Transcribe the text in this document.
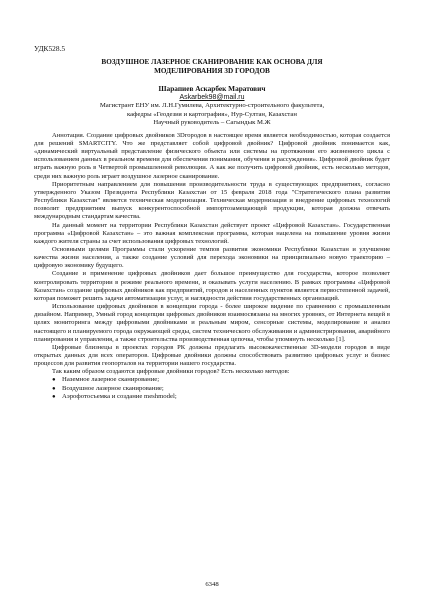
УДК528.5

ВОЗДУШНОЕ ЛАЗЕРНОЕ СКАНИРОВАНИЕ КАК ОСНОВА ДЛЯ
МОДЕЛИРОВАНИЯ 3D ГОРОДОВ

Шарапиев Аскарбек Маратович

Askarbek98@mail.ru

Магистрант ЕНУ им. Л.Н.Гумилева, Архитектурно-строительного факультета,

кафедры «Геодезия и картография», Нур-Султан, Казахстан

Научный руководитель – Сагындык М.Ж

Аннотация. Создание цифровых двойников 3Dгородов в настоящее время является необходимостью, которая создается для решений SMARTCITY. Что же представляет собой цифровой двойник? Цифровой двойник понимается как, «динамический виртуальный представление физического объекта или системы на протяжении его жизненного цикла с использованием данных в реальном времени для обеспечения понимания, обучения и рассуждения». Цифровой двойник будет играть важную роль в Четвертой промышленной революции. А как же получить цифровой двойник, есть несколько методов, среди них важную роль играет воздушное лазерное сканирование.

Приоритетным направлением для повышения производительности труда в существующих предприятиях, согласно утвержденного Указом Президента Республики Казахстан от 15 февраля 2018 года "Стратегического плана развития Республики Казахстан" является техническая модернизация. Техническая модернизация и внедрение цифровых технологий позволит предприятиям выпуск конкурентоспособной импортозамещающей продукции, которая должна отвечать международным стандартам качества.

На данный момент на территории Республики Казахстан действует проект «Цифровой Казахстан». Государственная программа «Цифровой Казахстан» – это важная комплексная программа, которая нацелена на повышение уровня жизни каждого жителя страны за счет использования цифровых технологий.

Основными целями Программы стали ускорение темпов развития экономики Республики Казахстан и улучшение качества жизни населения, а также создание условий для перехода экономики на принципиально новую траекторию – цифровую экономику будущего.

Создание и применение цифровых двойников дает большое преимущество для государства, которое позволяет контролировать территории в режиме реального времени, и оказывать услуги населению. В рамках программы «Цифровой Казахстан» создание цифровых двойников как предприятий, городов и населенных пунктов является первостепенной задачей, которая поможет решить задачи автоматизации услуг, и наглядности действия государственных организаций.

Использование цифровых двойников в концепции города - более широкое видение по сравнению с промышленным дизайном. Например, Умный город концепции цифровых двойников взаимосвязаны на многих уровнях, от Интернета вещей в целях мониторинга между цифровыми двойниками и реальным миром, сенсорные системы, моделирование и анализ настоящего и планируемого города окружающей среды, систем технического обслуживания и администрирования, аварийного планирования и управления, а также строительства производственная цепочка, чтобы упомянуть несколько [1].

Цифровые близнецы в проектах городов РК должны предлагать высококачественные 3D-модели городов в виде открытых данных для всех операторов. Цифровые двойники должны способствовать развитию цифровых услуг и бизнес процессов для развития геопорталов на территории нашего государства.

Так каким образом создаются цифровые двойники городов? Есть несколько методов:

● Наземное лазерное сканирование;
● Воздушное лазерное сканирование;
● Аэрофотосъемка и создание meshmodel;
6348
